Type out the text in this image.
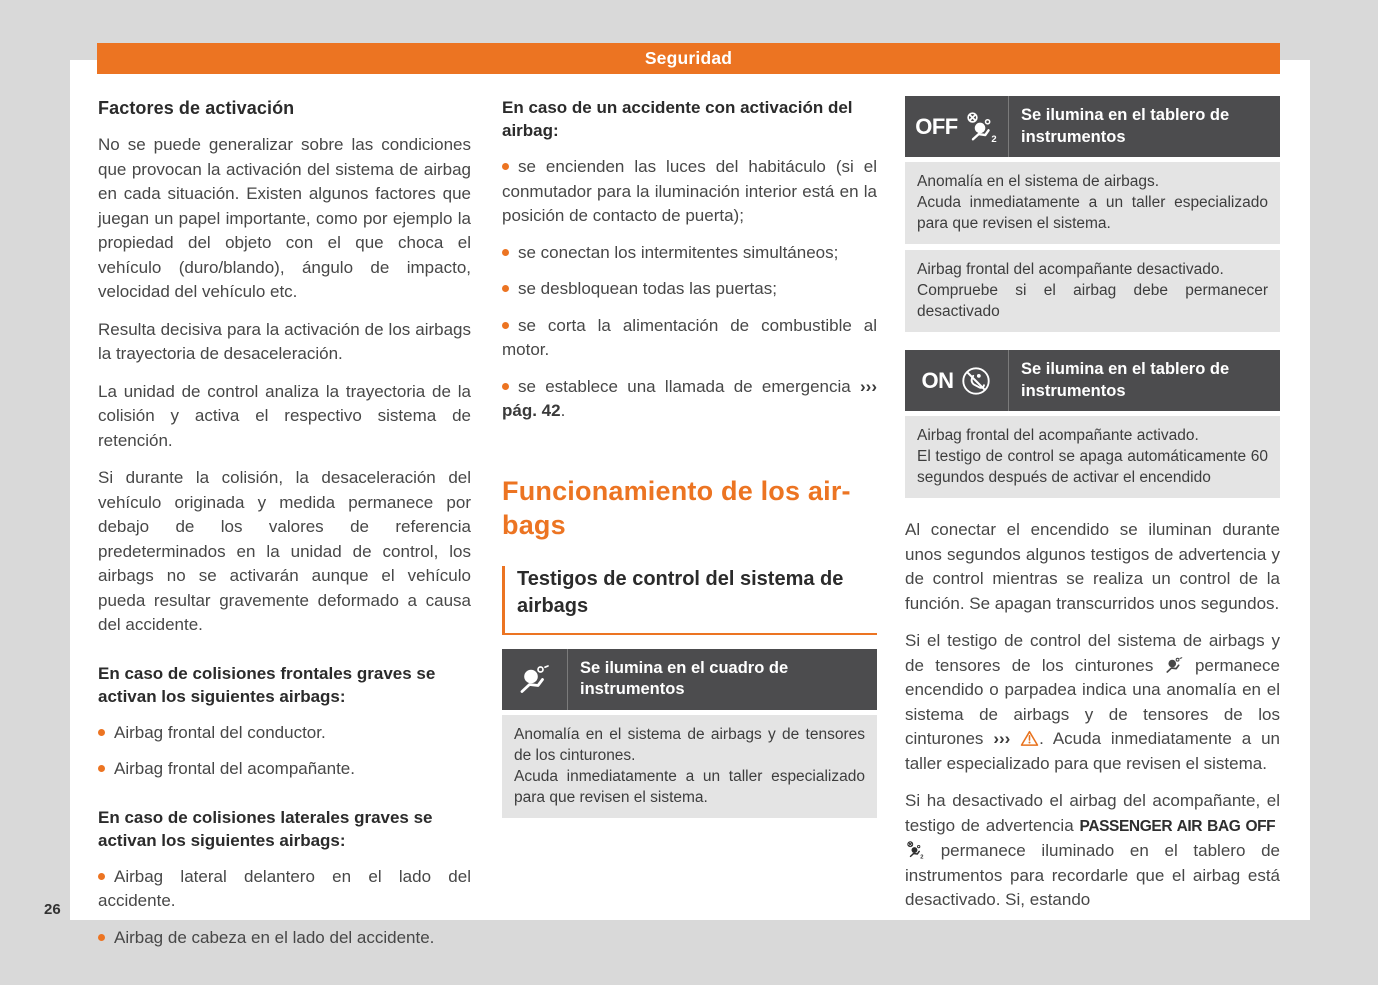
Seguridad
Factores de activación

No se puede generalizar sobre las condiciones que provocan la activación del sistema de airbag en cada situación. Existen algunos factores que juegan un papel importante, como por ejemplo la propiedad del objeto con el que choca el vehículo (duro/blando), ángulo de impacto, velocidad del vehículo etc.

Resulta decisiva para la activación de los airbags la trayectoria de desaceleración.

La unidad de control analiza la trayectoria de la colisión y activa el respectivo sistema de retención.

Si durante la colisión, la desaceleración del vehículo originada y medida permanece por debajo de los valores de referencia predeterminados en la unidad de control, los airbags no se activarán aunque el vehículo pueda resultar gravemente deformado a causa del accidente.

En caso de colisiones frontales graves se activan los siguientes airbags:

Airbag frontal del conductor.

Airbag frontal del acompañante.

En caso de colisiones laterales graves se activan los siguientes airbags:

Airbag lateral delantero en el lado del accidente.

Airbag de cabeza en el lado del accidente.

En caso de un accidente con activación del airbag:

se encienden las luces del habitáculo (si el conmutador para la iluminación interior está en la posición de contacto de puerta);

se conectan los intermitentes simultáneos;

se desbloquean todas las puertas;

se corta la alimentación de combustible al motor.

se establece una llamada de emergencia ››› pág. 42.

Funcionamiento de los air-
bags
Testigos de control del sistema de airbags
Se ilumina en el cuadro de instrumentos
Anomalía en el sistema de airbags y de tensores de los cinturones.
Acuda inmediatamente a un taller especializado para que revisen el sistema.
OFF
2
Se ilumina en el tablero de instrumentos
Anomalía en el sistema de airbags.
Acuda inmediatamente a un taller especializado para que revisen el sistema.
Airbag frontal del acompañante desactivado.
Compruebe si el airbag debe permanecer desactivado
ON	Se ilumina en el tablero de instrumentos
Airbag frontal del acompañante activado.
El testigo de control se apaga automáticamente 60 segundos después de activar el encendido

Al conectar el encendido se iluminan durante unos segundos algunos testigos de advertencia y de control mientras se realiza un control de la función. Se apagan transcurridos unos segundos.

Si el testigo de control del sistema de airbags y de tensores de los cinturones  permanece encendido o parpadea indica una anomalía en el sistema de airbags y de tensores de los cinturones ››› . Acuda inmediatamente a un taller especializado para que revisen el sistema.

Si ha desactivado el airbag del acompañante, el testigo de advertencia PASSENGER AIR BAG OFF
2 permanece iluminado en el tablero de instrumentos para recordarle que el airbag está desactivado. Si, estando

26
